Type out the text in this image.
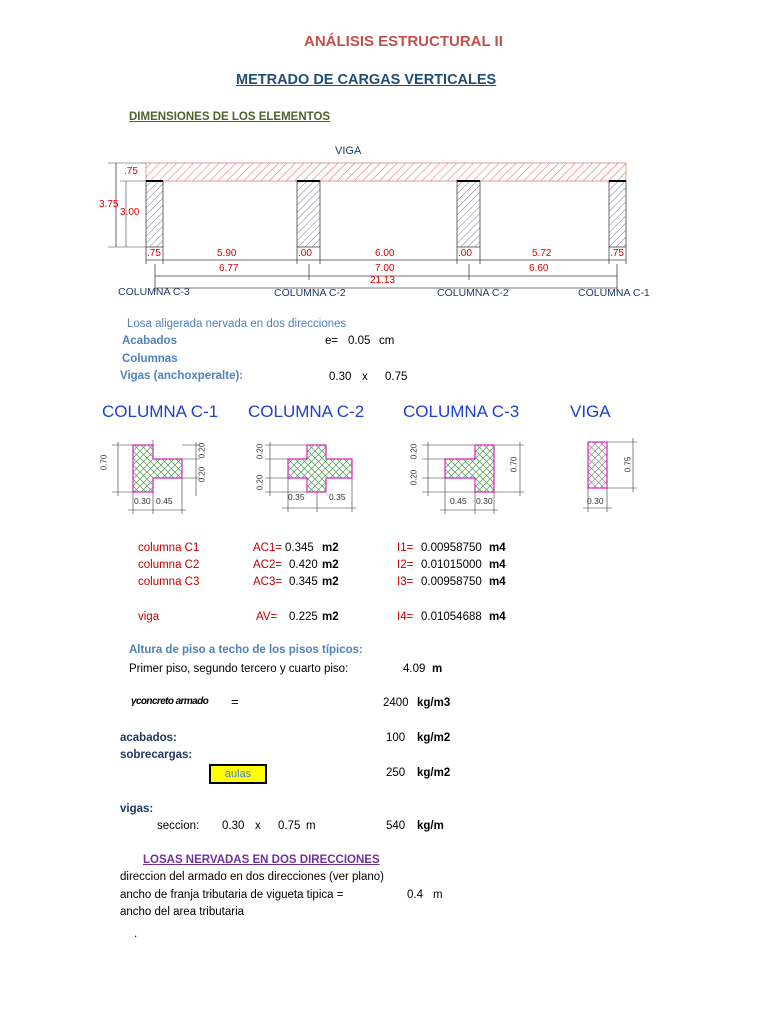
ANÁLISIS ESTRUCTURAL II
METRADO DE CARGAS VERTICALES
DIMENSIONES DE LOS ELEMENTOS
VIGA
.75
3.75
3.00
.75	5.90	.00	6.00	.00	5.72	.75
6.77	7.00	6.60
21.13
COLUMNA C-3	COLUMNA C-2	COLUMNA C-2	COLUMNA C-1
Losa aligerada nervada en dos direcciones
Acabados	e= 0.05 cm
Columnas
Vigas (anchoxperalte):	0.30 x 0.75
COLUMNA C-1 COLUMNA C-2 COLUMNA C-3	VIGA
0.70
0.20
0.20
0.30 0.45
0.20
0.20
0.35	0.35
0.20
0.20
0.70
0.45 0.30
0.75
0.30
columna C1	AC1= 0.345 m2	I1= 0.00958750 m4
columna C2	AC2= 0.420 m2	I2= 0.01015000 m4
columna C3	AC3= 0.345 m2	I3= 0.00958750 m4
viga	AV= 0.225 m2	I4= 0.01054688 m4
Altura de piso a techo de los pisos típicos:
Primer piso, segundo tercero y cuarto piso:	4.09 m
γconcreto armado =	2400 kg/m3
acabados:	100 kg/m2
sobrecargas:
aulas	250 kg/m2
vigas:
seccion: 0.30 x 0.75 m	540 kg/m
LOSAS NERVADAS EN DOS DIRECCIONES
direccion del armado en dos direcciones (ver plano)
ancho de franja tributaria de vigueta tipica =	0.4 m
ancho del area tributaria
.
